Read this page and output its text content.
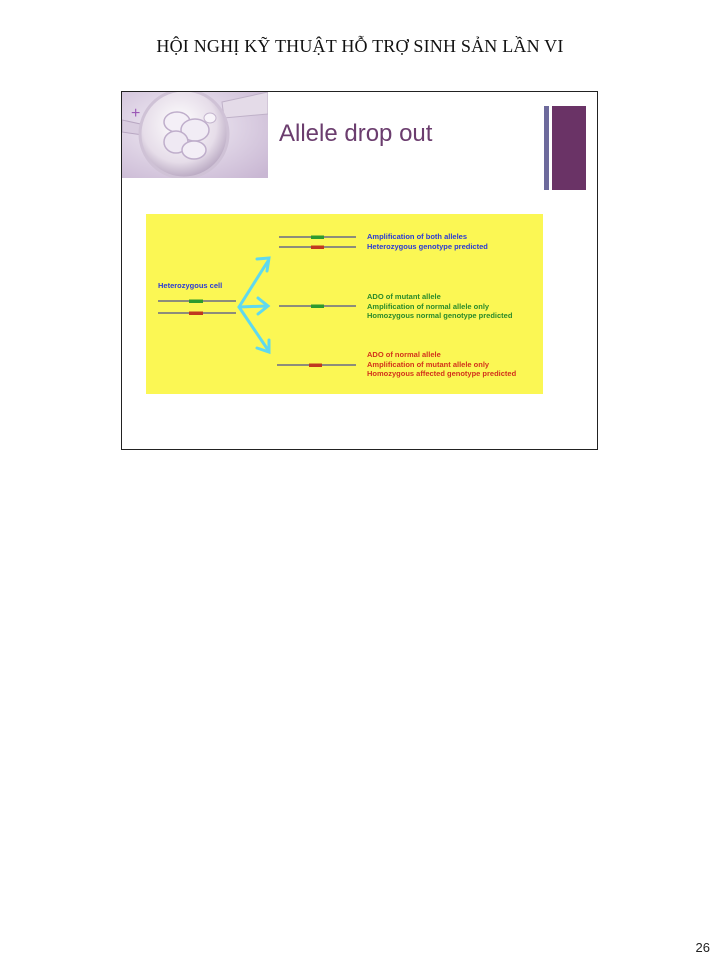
HỘI NGHỊ KỸ THUẬT HỖ TRỢ SINH SẢN LẦN VI
+
Allele drop out
Heterozygous cell
Amplification of both alleles
Heterozygous genotype predicted
ADO of mutant allele
Amplification of normal allele only
Homozygous normal genotype predicted
ADO of normal allele
Amplification of mutant allele only
Homozygous affected genotype predicted
26
